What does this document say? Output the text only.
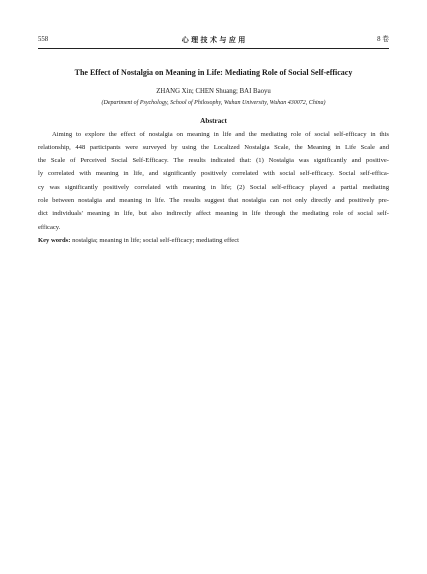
558	心 理 技 术 与 应 用	8 卷
The Effect of Nostalgia on Meaning in Life: Mediating Role of Social Self-efficacy
ZHANG Xin; CHEN Shuang; BAI Baoyu
(Department of Psychology, School of Philosophy, Wuhan University, Wuhan 430072, China)
Abstract
Aiming to explore the effect of nostalgia on meaning in life and the mediating role of social self-efficacy in this
relationship, 448 participants were surveyed by using the Localized Nostalgia Scale, the Meaning in Life Scale and
the Scale of Perceived Social Self-Efficacy. The results indicated that: (1) Nostalgia was significantly and positive-
ly correlated with meaning in life, and significantly positively correlated with social self-efficacy. Social self-effica-
cy was significantly positively correlated with meaning in life; (2) Social self-efficacy played a partial mediating
role between nostalgia and meaning in life. The results suggest that nostalgia can not only directly and positively pre-
dict individuals' meaning in life, but also indirectly affect meaning in life through the mediating role of social self-
efficacy.
Key words: nostalgia; meaning in life; social self-efficacy; mediating effect
